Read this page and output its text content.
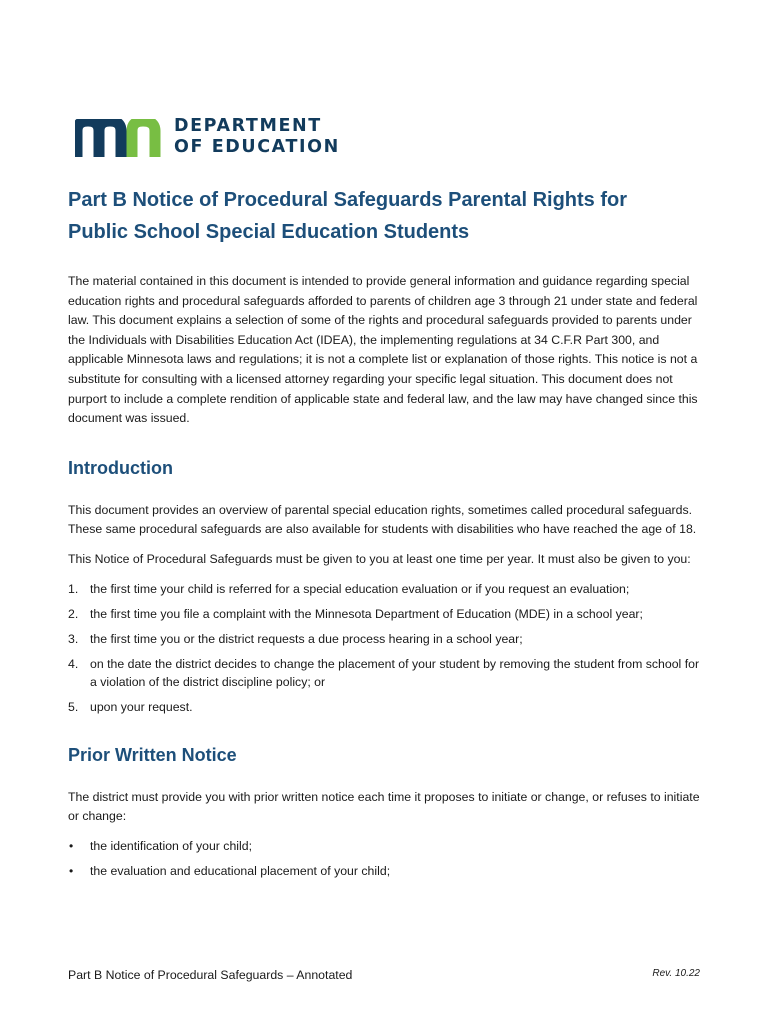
DEPARTMENT
OF EDUCATION
Part B Notice of Procedural Safeguards Parental Rights for Public School Special Education Students

The material contained in this document is intended to provide general information and guidance regarding special education rights and procedural safeguards afforded to parents of children age 3 through 21 under state and federal law. This document explains a selection of some of the rights and procedural safeguards provided to parents under the Individuals with Disabilities Education Act (IDEA), the implementing regulations at 34 C.F.R Part 300, and applicable Minnesota laws and regulations; it is not a complete list or explanation of those rights. This notice is not a substitute for consulting with a licensed attorney regarding your specific legal situation. This document does not purport to include a complete rendition of applicable state and federal law, and the law may have changed since this document was issued.

Introduction

This document provides an overview of parental special education rights, sometimes called procedural safeguards. These same procedural safeguards are also available for students with disabilities who have reached the age of 18.

This Notice of Procedural Safeguards must be given to you at least one time per year. It must also be given to you:

1. the first time your child is referred for a special education evaluation or if you request an evaluation;
2. the first time you file a complaint with the Minnesota Department of Education (MDE) in a school year;
3. the first time you or the district requests a due process hearing in a school year;
4. on the date the district decides to change the placement of your student by removing the student from school for a violation of the district discipline policy; or
5. upon your request.
Prior Written Notice

The district must provide you with prior written notice each time it proposes to initiate or change, or refuses to initiate or change:

• the identification of your child;
• the evaluation and educational placement of your child;
Part B Notice of Procedural Safeguards – Annotated	Rev. 10.22
